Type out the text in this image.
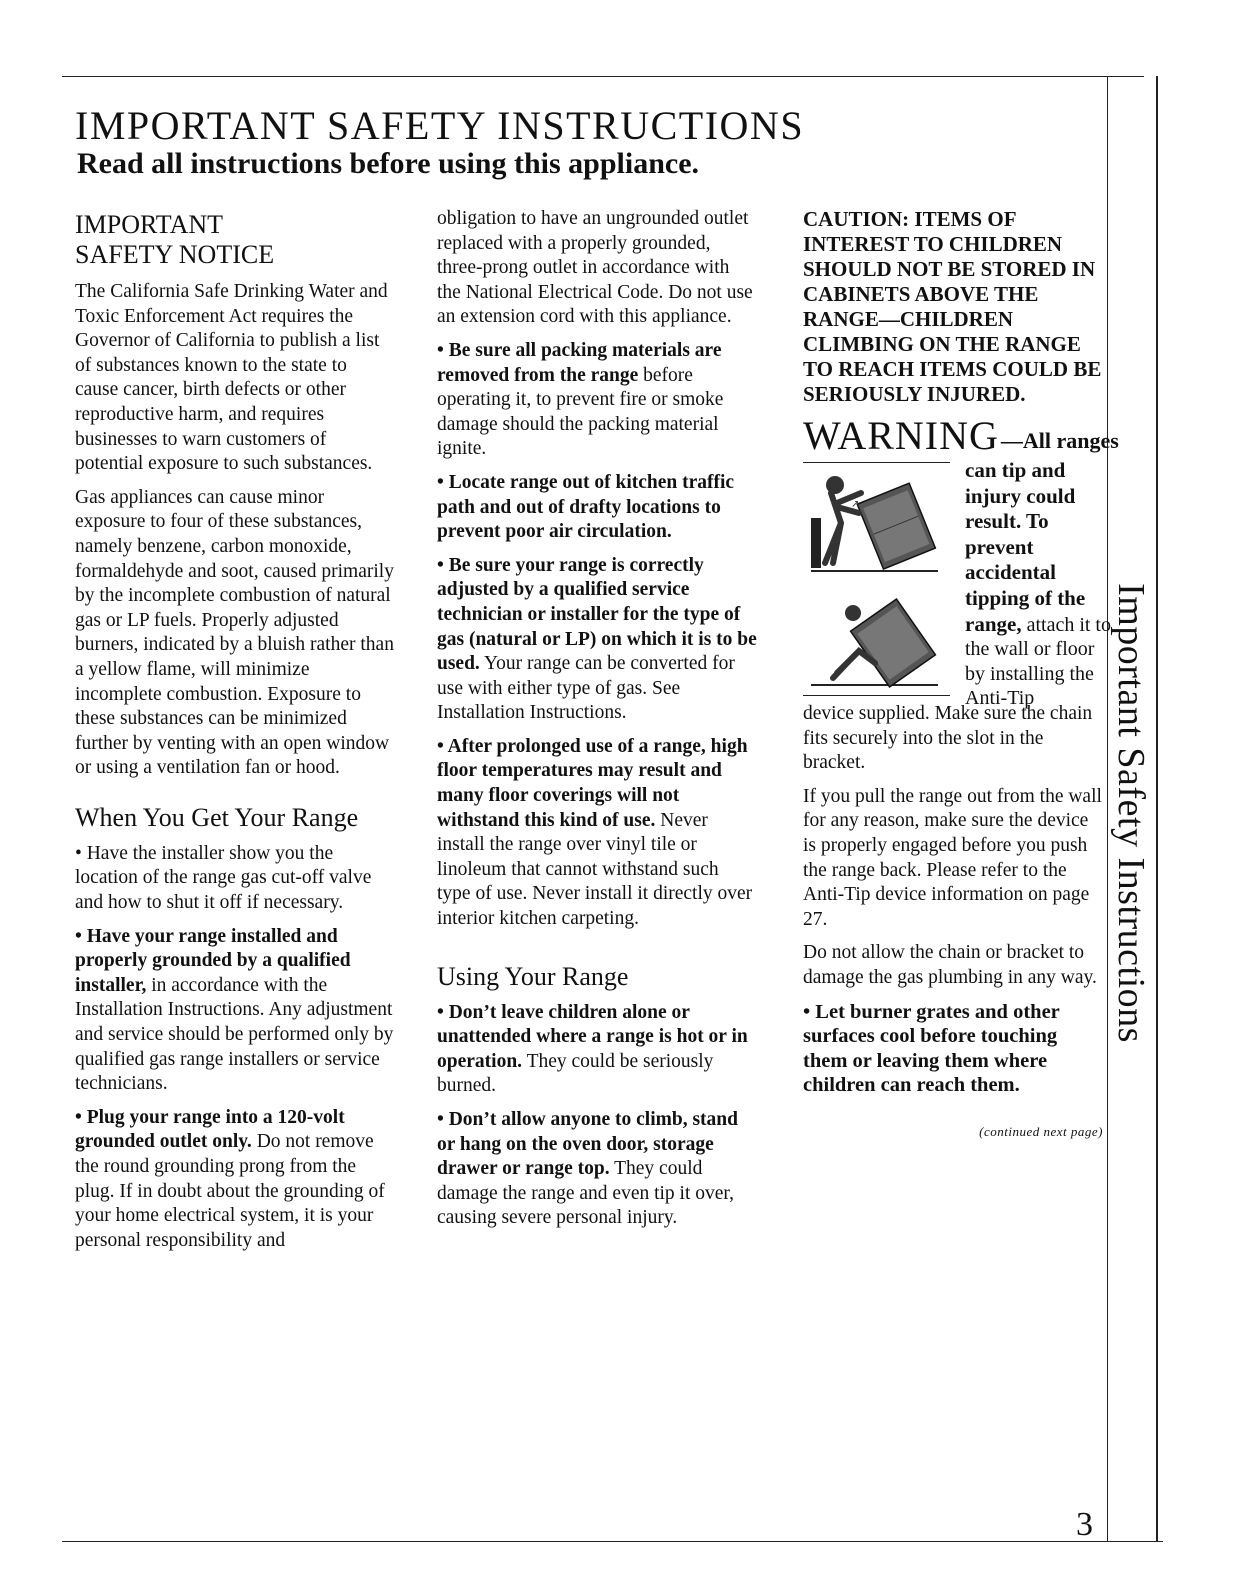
Important Safety Instructions
3
IMPORTANT SAFETY INSTRUCTIONS
Read all instructions before using this appliance.
IMPORTANT
SAFETY NOTICE

The California Safe Drinking Water and Toxic Enforcement Act requires the Governor of California to publish a list of substances known to the state to cause cancer, birth defects or other reproductive harm, and requires businesses to warn customers of potential exposure to such substances.

Gas appliances can cause minor exposure to four of these substances, namely benzene, carbon monoxide, formaldehyde and soot, caused primarily by the incomplete combustion of natural gas or LP fuels. Properly adjusted burners, indicated by a bluish rather than a yellow flame, will minimize incomplete combustion. Exposure to these substances can be minimized further by venting with an open window or using a ventilation fan or hood.

When You Get Your Range

• Have the installer show you the location of the range gas cut-off valve and how to shut it off if necessary.

• Have your range installed and properly grounded by a qualified installer, in accordance with the Installation Instructions. Any adjustment and service should be performed only by qualified gas range installers or service technicians.

• Plug your range into a 120-volt grounded outlet only. Do not remove the round grounding prong from the plug. If in doubt about the grounding of your home electrical system, it is your personal responsibility and

obligation to have an ungrounded outlet replaced with a properly grounded, three-prong outlet in accordance with the National Electrical Code. Do not use an extension cord with this appliance.

• Be sure all packing materials are removed from the range before operating it, to prevent fire or smoke damage should the packing material ignite.

• Locate range out of kitchen traffic path and out of drafty locations to prevent poor air circulation.

• Be sure your range is correctly adjusted by a qualified service technician or installer for the type of gas (natural or LP) on which it is to be used. Your range can be converted for use with either type of gas. See Installation Instructions.

• After prolonged use of a range, high floor temperatures may result and many floor coverings will not withstand this kind of use. Never install the range over vinyl tile or linoleum that cannot withstand such type of use. Never install it directly over interior kitchen carpeting.

Using Your Range

• Don’t leave children alone or unattended where a range is hot or in operation. They could be seriously burned.

• Don’t allow anyone to climb, stand or hang on the oven door, storage drawer or range top. They could damage the range and even tip it over, causing severe personal injury.

CAUTION: ITEMS OF INTEREST TO CHILDREN SHOULD NOT BE STORED IN CABINETS ABOVE THE RANGE—CHILDREN CLIMBING ON THE RANGE TO REACH ITEMS COULD BE SERIOUSLY INJURED.

WARNING —All ranges
↗
can tip and injury could result. To prevent accidental tipping of the range, attach it to the wall or floor by installing the Anti-Tip

device supplied. Make sure the chain fits securely into the slot in the bracket.

If you pull the range out from the wall for any reason, make sure the device is properly engaged before you push the range back. Please refer to the Anti-Tip device information on page 27.

Do not allow the chain or bracket to damage the gas plumbing in any way.

• Let burner grates and other surfaces cool before touching them or leaving them where children can reach them.

(continued next page)
